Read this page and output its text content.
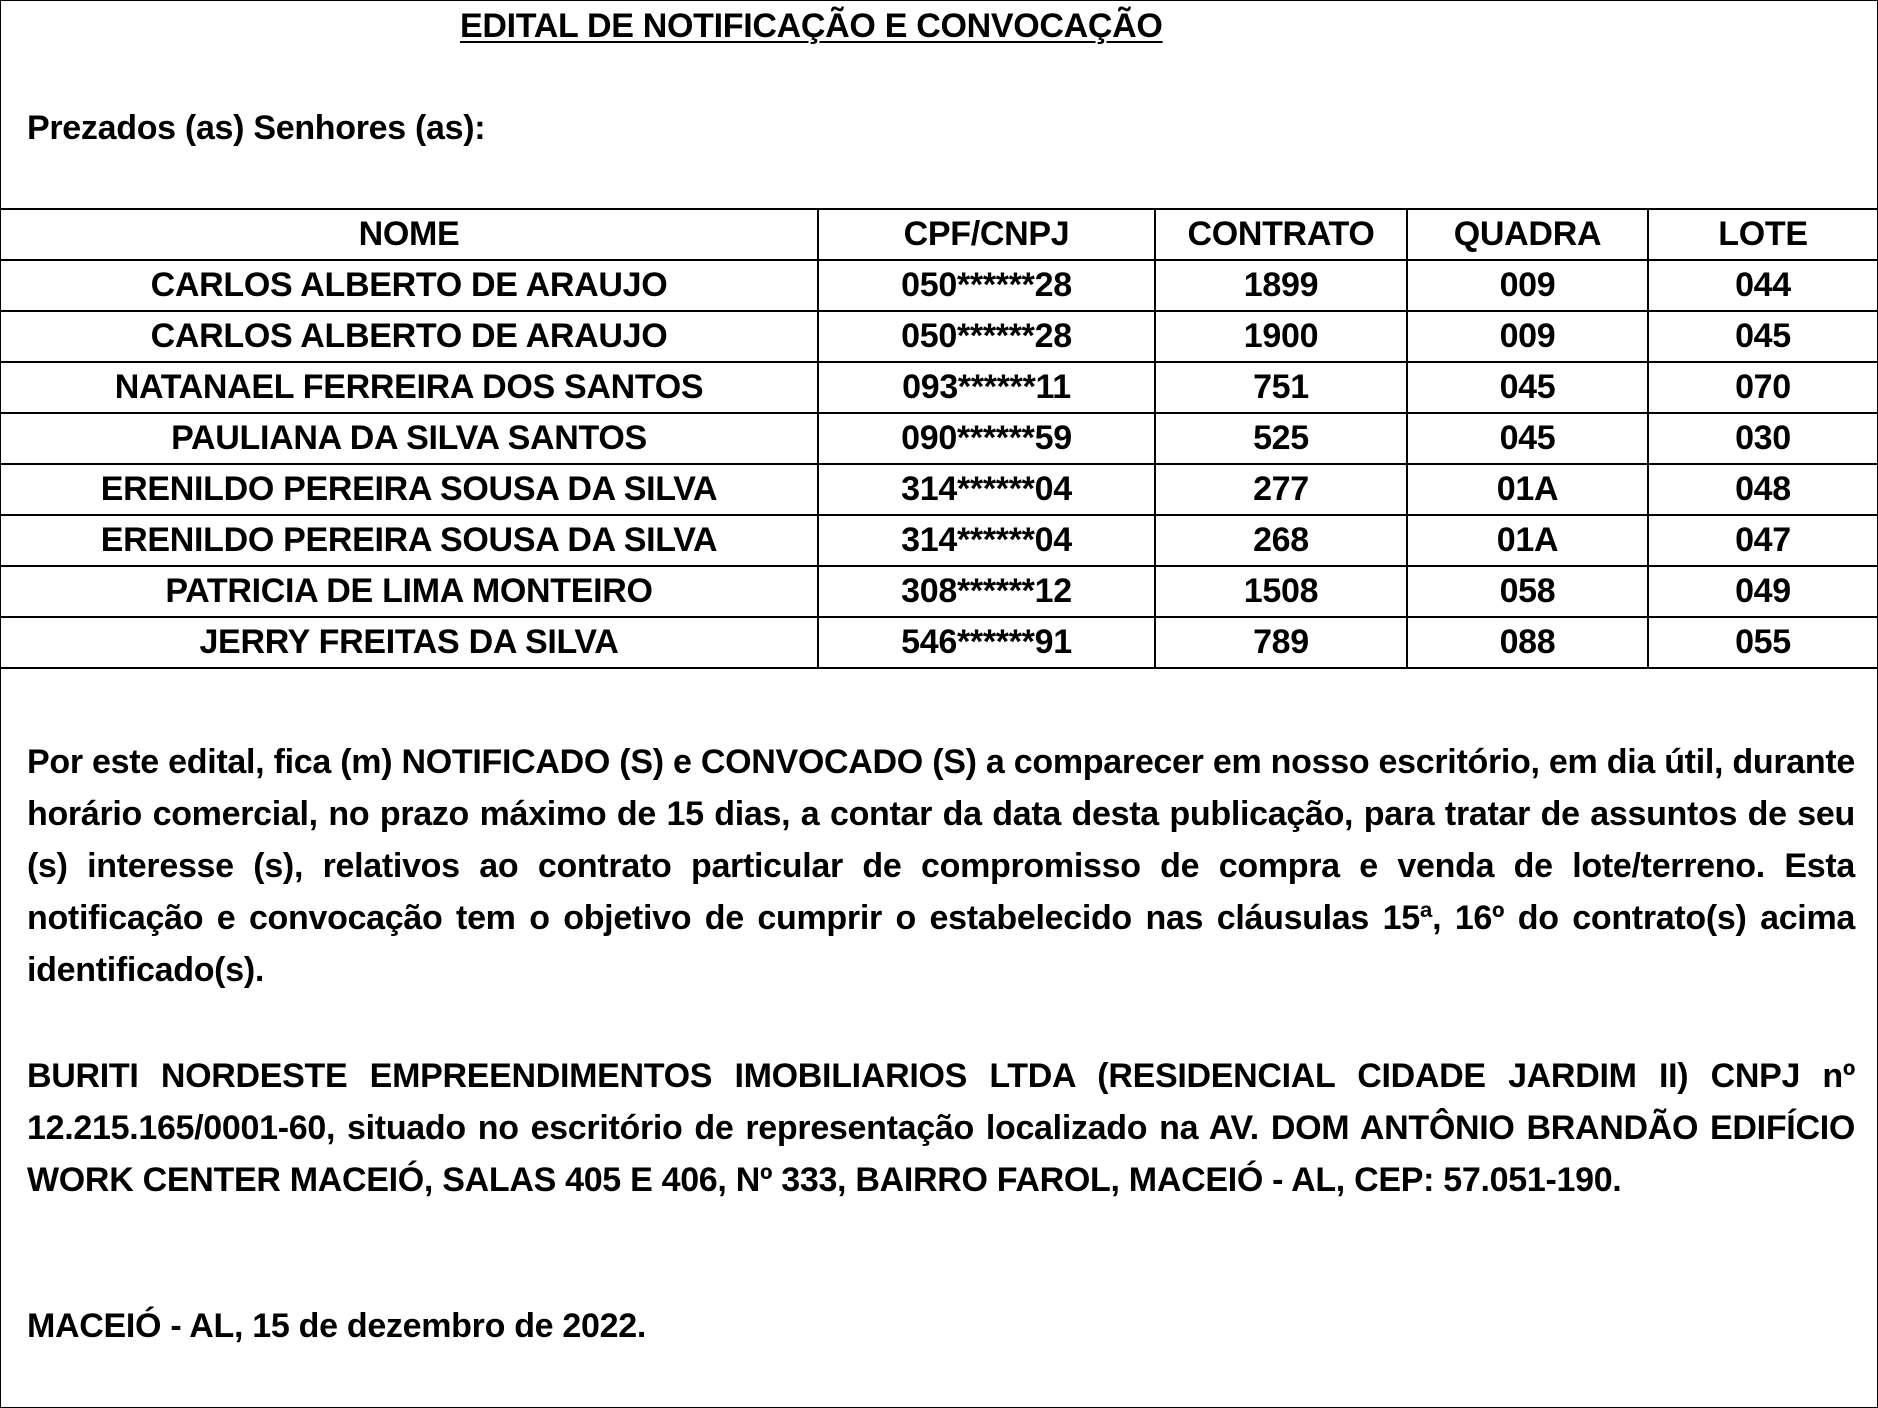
EDITAL DE NOTIFICAÇÃO E CONVOCAÇÃO
Prezados (as) Senhores (as):
NOME	CPF/CNPJ	CONTRATO	QUADRA	LOTE
CARLOS ALBERTO DE ARAUJO	050******28	1899	009	044
CARLOS ALBERTO DE ARAUJO	050******28	1900	009	045
NATANAEL FERREIRA DOS SANTOS	093******11	751	045	070
PAULIANA DA SILVA SANTOS	090******59	525	045	030
ERENILDO PEREIRA SOUSA DA SILVA	314******04	277	01A	048
ERENILDO PEREIRA SOUSA DA SILVA	314******04	268	01A	047
PATRICIA DE LIMA MONTEIRO	308******12	1508	058	049
JERRY FREITAS DA SILVA	546******91	789	088	055
Por este edital, fica (m) NOTIFICADO (S) e CONVOCADO (S) a comparecer em nosso escritório, em dia útil, durante horário comercial, no prazo máximo de 15 dias, a contar da data desta publicação, para tratar de assuntos de seu (s) interesse (s), relativos ao contrato particular de compromisso de compra e venda de lote/terreno. Esta notificação e convocação tem o objetivo de cumprir o estabelecido nas cláusulas 15ª, 16º do contrato(s) acima identificado(s).
BURITI NORDESTE EMPREENDIMENTOS IMOBILIARIOS LTDA (RESIDENCIAL CIDADE JARDIM II) CNPJ nº 12.215.165/0001-60, situado no escritório de representação localizado na AV. DOM ANTÔNIO BRANDÃO EDIFÍCIO WORK CENTER MACEIÓ, SALAS 405 E 406, Nº 333, BAIRRO FAROL, MACEIÓ - AL, CEP: 57.051-190.
MACEIÓ - AL, 15 de dezembro de 2022.
